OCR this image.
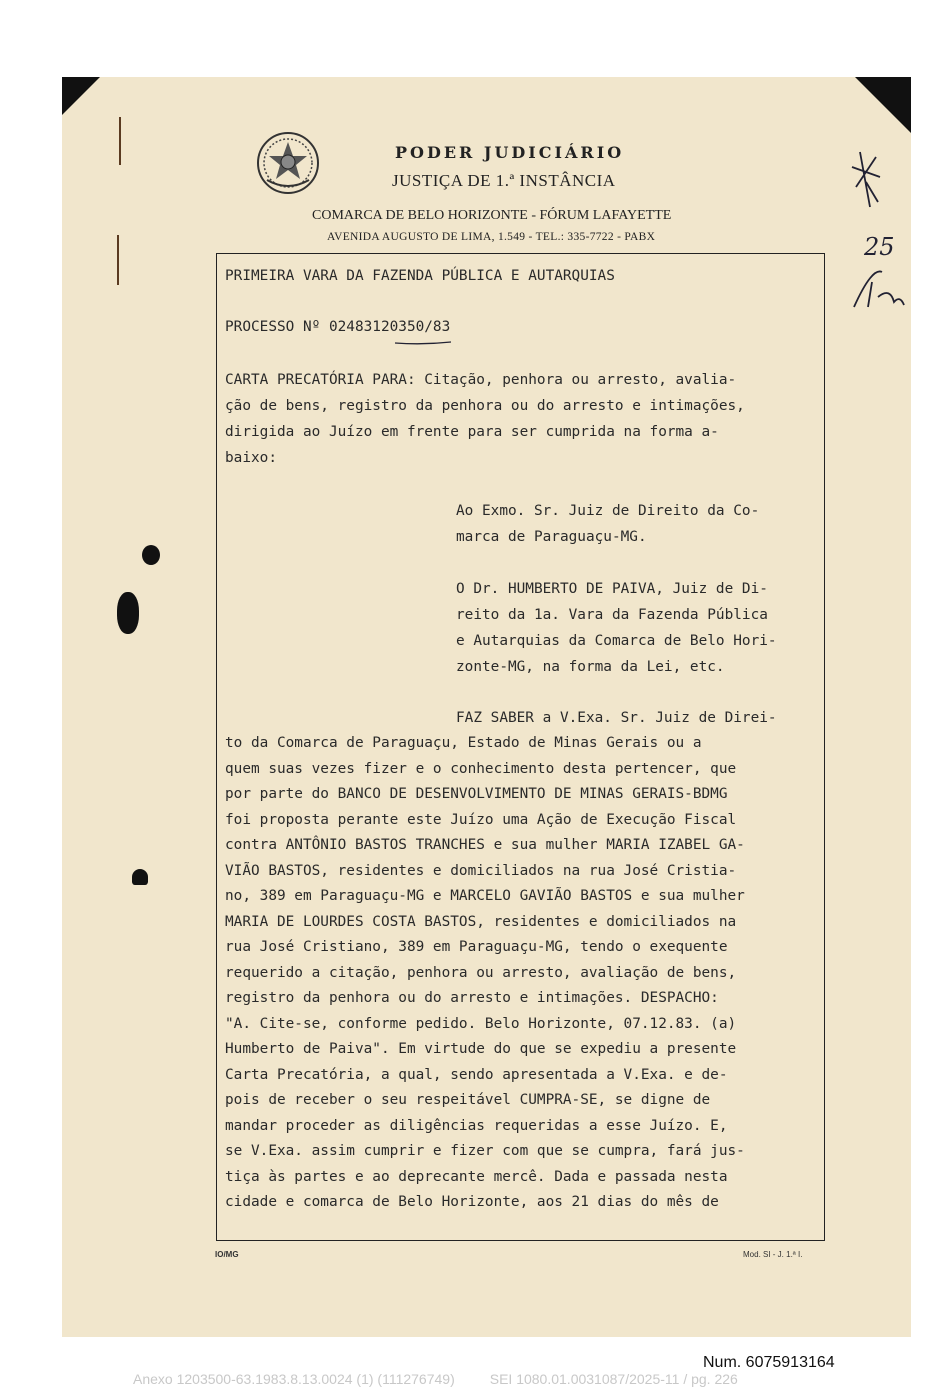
PODER JUDICIÁRIO
JUSTIÇA DE 1.ª INSTÂNCIA
COMARCA DE BELO HORIZONTE - FÓRUM LAFAYETTE
AVENIDA AUGUSTO DE LIMA, 1.549 - TEL.: 335-7722 - PABX
PRIMEIRA VARA DA FAZENDA PÚBLICA E AUTARQUIAS
PROCESSO Nº 02483120350/83
CARTA PRECATÓRIA PARA: Citação, penhora ou arresto, avalia-
ção de bens, registro da penhora ou do arresto e intimações,
dirigida ao Juízo em frente para ser cumprida na forma a-
baixo:
Ao Exmo. Sr. Juiz de Direito da Co-
marca de Paraguaçu-MG.
O Dr. HUMBERTO DE PAIVA, Juiz de Di-
reito da 1a. Vara da Fazenda Pública
e Autarquias da Comarca de Belo Hori-
zonte-MG, na forma da Lei, etc.
FAZ SABER a V.Exa. Sr. Juiz de Direi-
to da Comarca de Paraguaçu, Estado de Minas Gerais ou a
quem suas vezes fizer e o conhecimento desta pertencer, que
por parte do BANCO DE DESENVOLVIMENTO DE MINAS GERAIS-BDMG
foi proposta perante este Juízo uma Ação de Execução Fiscal
contra ANTÔNIO BASTOS TRANCHES e sua mulher MARIA IZABEL GA-
VIÃO BASTOS, residentes e domiciliados na rua José Cristia-
no, 389 em Paraguaçu-MG e MARCELO GAVIÃO BASTOS e sua mulher
MARIA DE LOURDES COSTA BASTOS, residentes e domiciliados na
rua José Cristiano, 389 em Paraguaçu-MG, tendo o exequente
requerido a citação, penhora ou arresto, avaliação de bens,
registro da penhora ou do arresto e intimações. DESPACHO:
"A. Cite-se, conforme pedido. Belo Horizonte, 07.12.83. (a)
Humberto de Paiva". Em virtude do que se expediu a presente
Carta Precatória, a qual, sendo apresentada a V.Exa. e de-
pois de receber o seu respeitável CUMPRA-SE, se digne de
mandar proceder as diligências requeridas a esse Juízo. E,
se V.Exa. assim cumprir e fizer com que se cumpra, fará jus-
tiça às partes e ao deprecante mercê. Dada e passada nesta
cidade e comarca de Belo Horizonte, aos 21 dias do mês de
IO/MG	Mod. SI - J. 1.ª I.
25
Num. 6075913164
Anexo 1203500-63.1983.8.13.0024 (1) (111276749)         SEI 1080.01.0031087/2025-11 / pg. 226
